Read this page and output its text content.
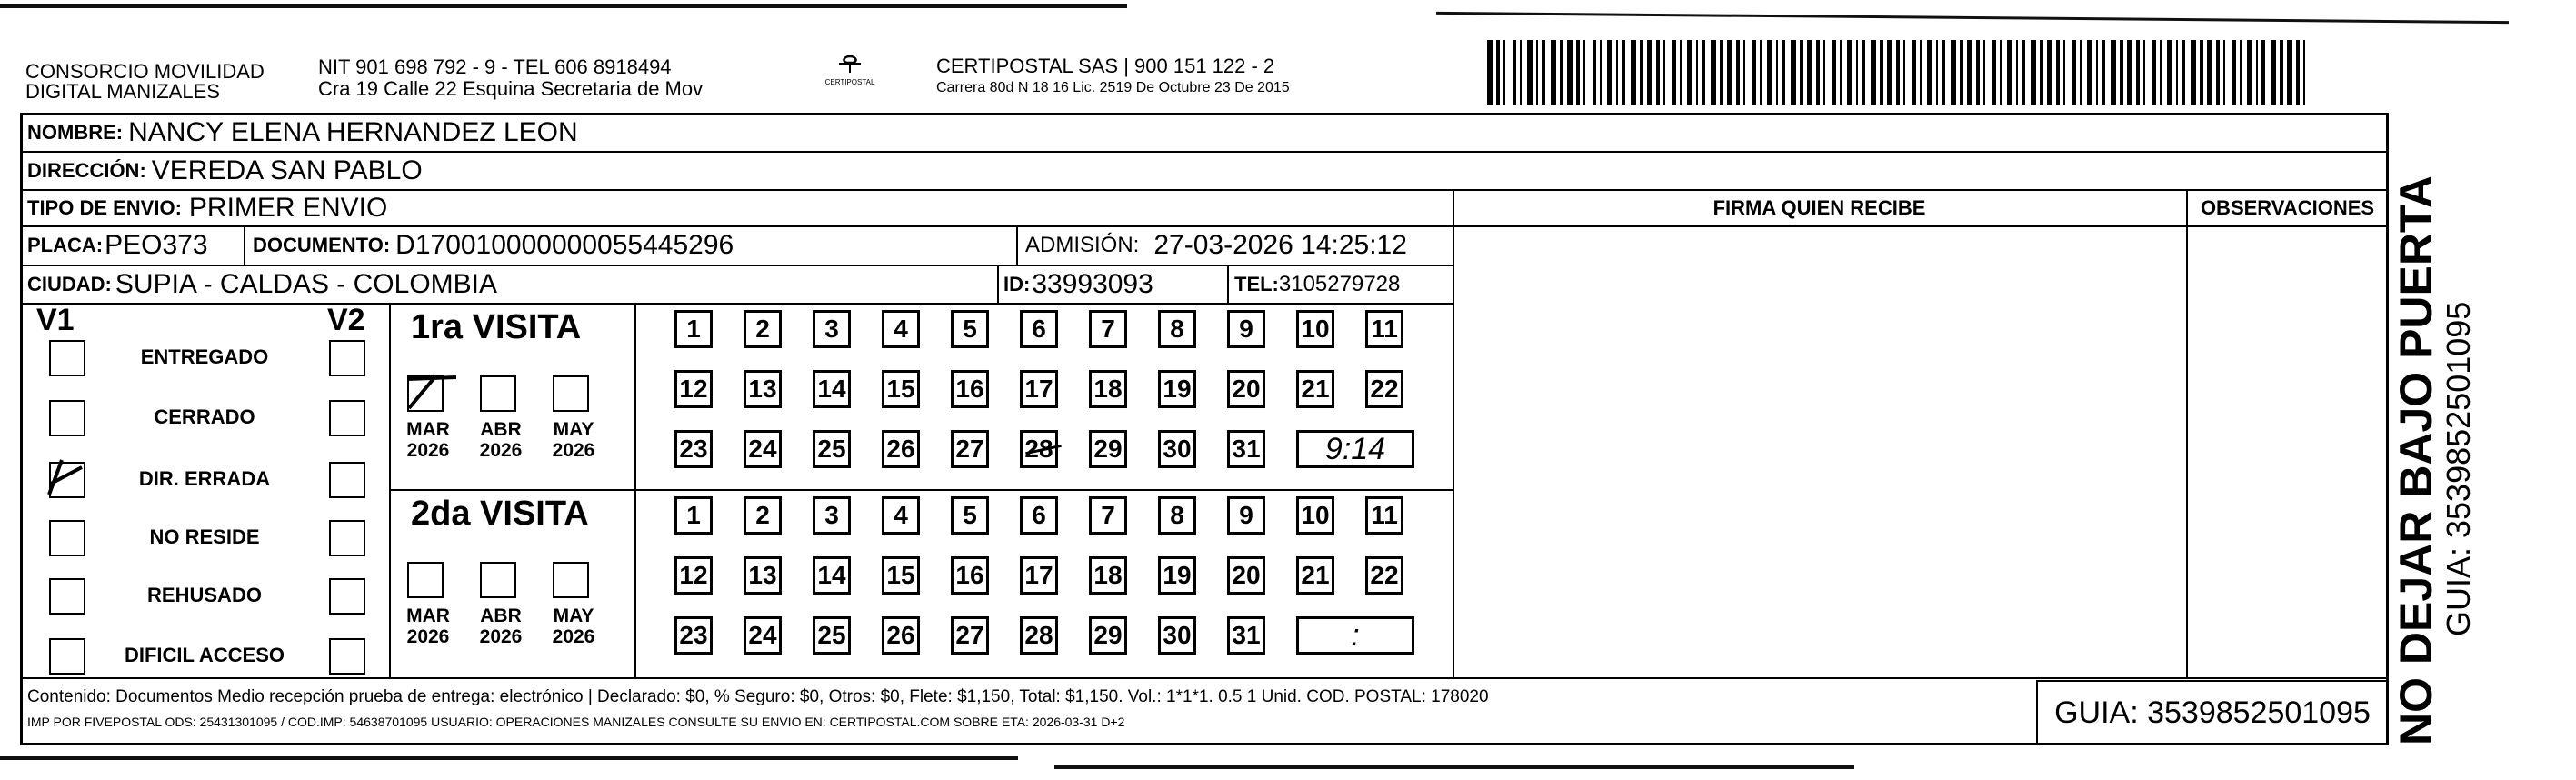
CONSORCIO MOVILIDAD
DIGITAL MANIZALES
NIT 901 698 792 - 9 - TEL 606 8918494
Cra 19 Calle 22 Esquina Secretaria de Mov	CERTIPOSTAL
CERTIPOSTAL SAS | 900 151 122 - 2
Carrera 80d N 18 16 Lic. 2519 De Octubre 23 De 2015
NOMBRE: NANCY ELENA HERNANDEZ LEON
DIRECCIÓN: VEREDA SAN PABLO
TIPO DE ENVIO: PRIMER ENVIO	FIRMA QUIEN RECIBE	OBSERVACIONES
PLACA: PEO373 DOCUMENTO: D170010000000055445296	ADMISIÓN: 27-03-2026 14:25:12
CIUDAD: SUPIA - CALDAS - COLOMBIA	ID: 33993093	TEL: 3105279728
V1	V2
ENTREGADO
CERRADO
DIR. ERRADA
NO RESIDE
REHUSADO
DIFICIL ACCESO
1ra VISITA
MAR
2026
ABR
2026
MAY
2026
1	2	3	4	5	6	7	8	9	10 11
12 13 14 15 16 17 18 19 20 21 22
23 24 25 26 27 28 29 30 31	9:14
2da VISITA
MAR
2026
ABR
2026
MAY
2026
1	2	3	4	5	6	7	8	9	10 11
12 13 14 15 16 17 18 19 20 21 22
23 24 25 26 27 28 29 30 31	:
Contenido: Documentos Medio recepción prueba de entrega: electrónico | Declarado: $0, % Seguro: $0, Otros: $0, Flete: $1,150, Total: $1,150. Vol.: 1*1*1. 0.5 1 Unid. COD. POSTAL: 178020
IMP POR FIVEPOSTAL ODS: 25431301095 / COD.IMP: 54638701095 USUARIO: OPERACIONES MANIZALES CONSULTE SU ENVIO EN: CERTIPOSTAL.COM SOBRE ETA: 2026-03-31 D+2	GUIA: 3539852501095 NO DEJAR BAJO PUERTA
GUIA: 3539852501095
